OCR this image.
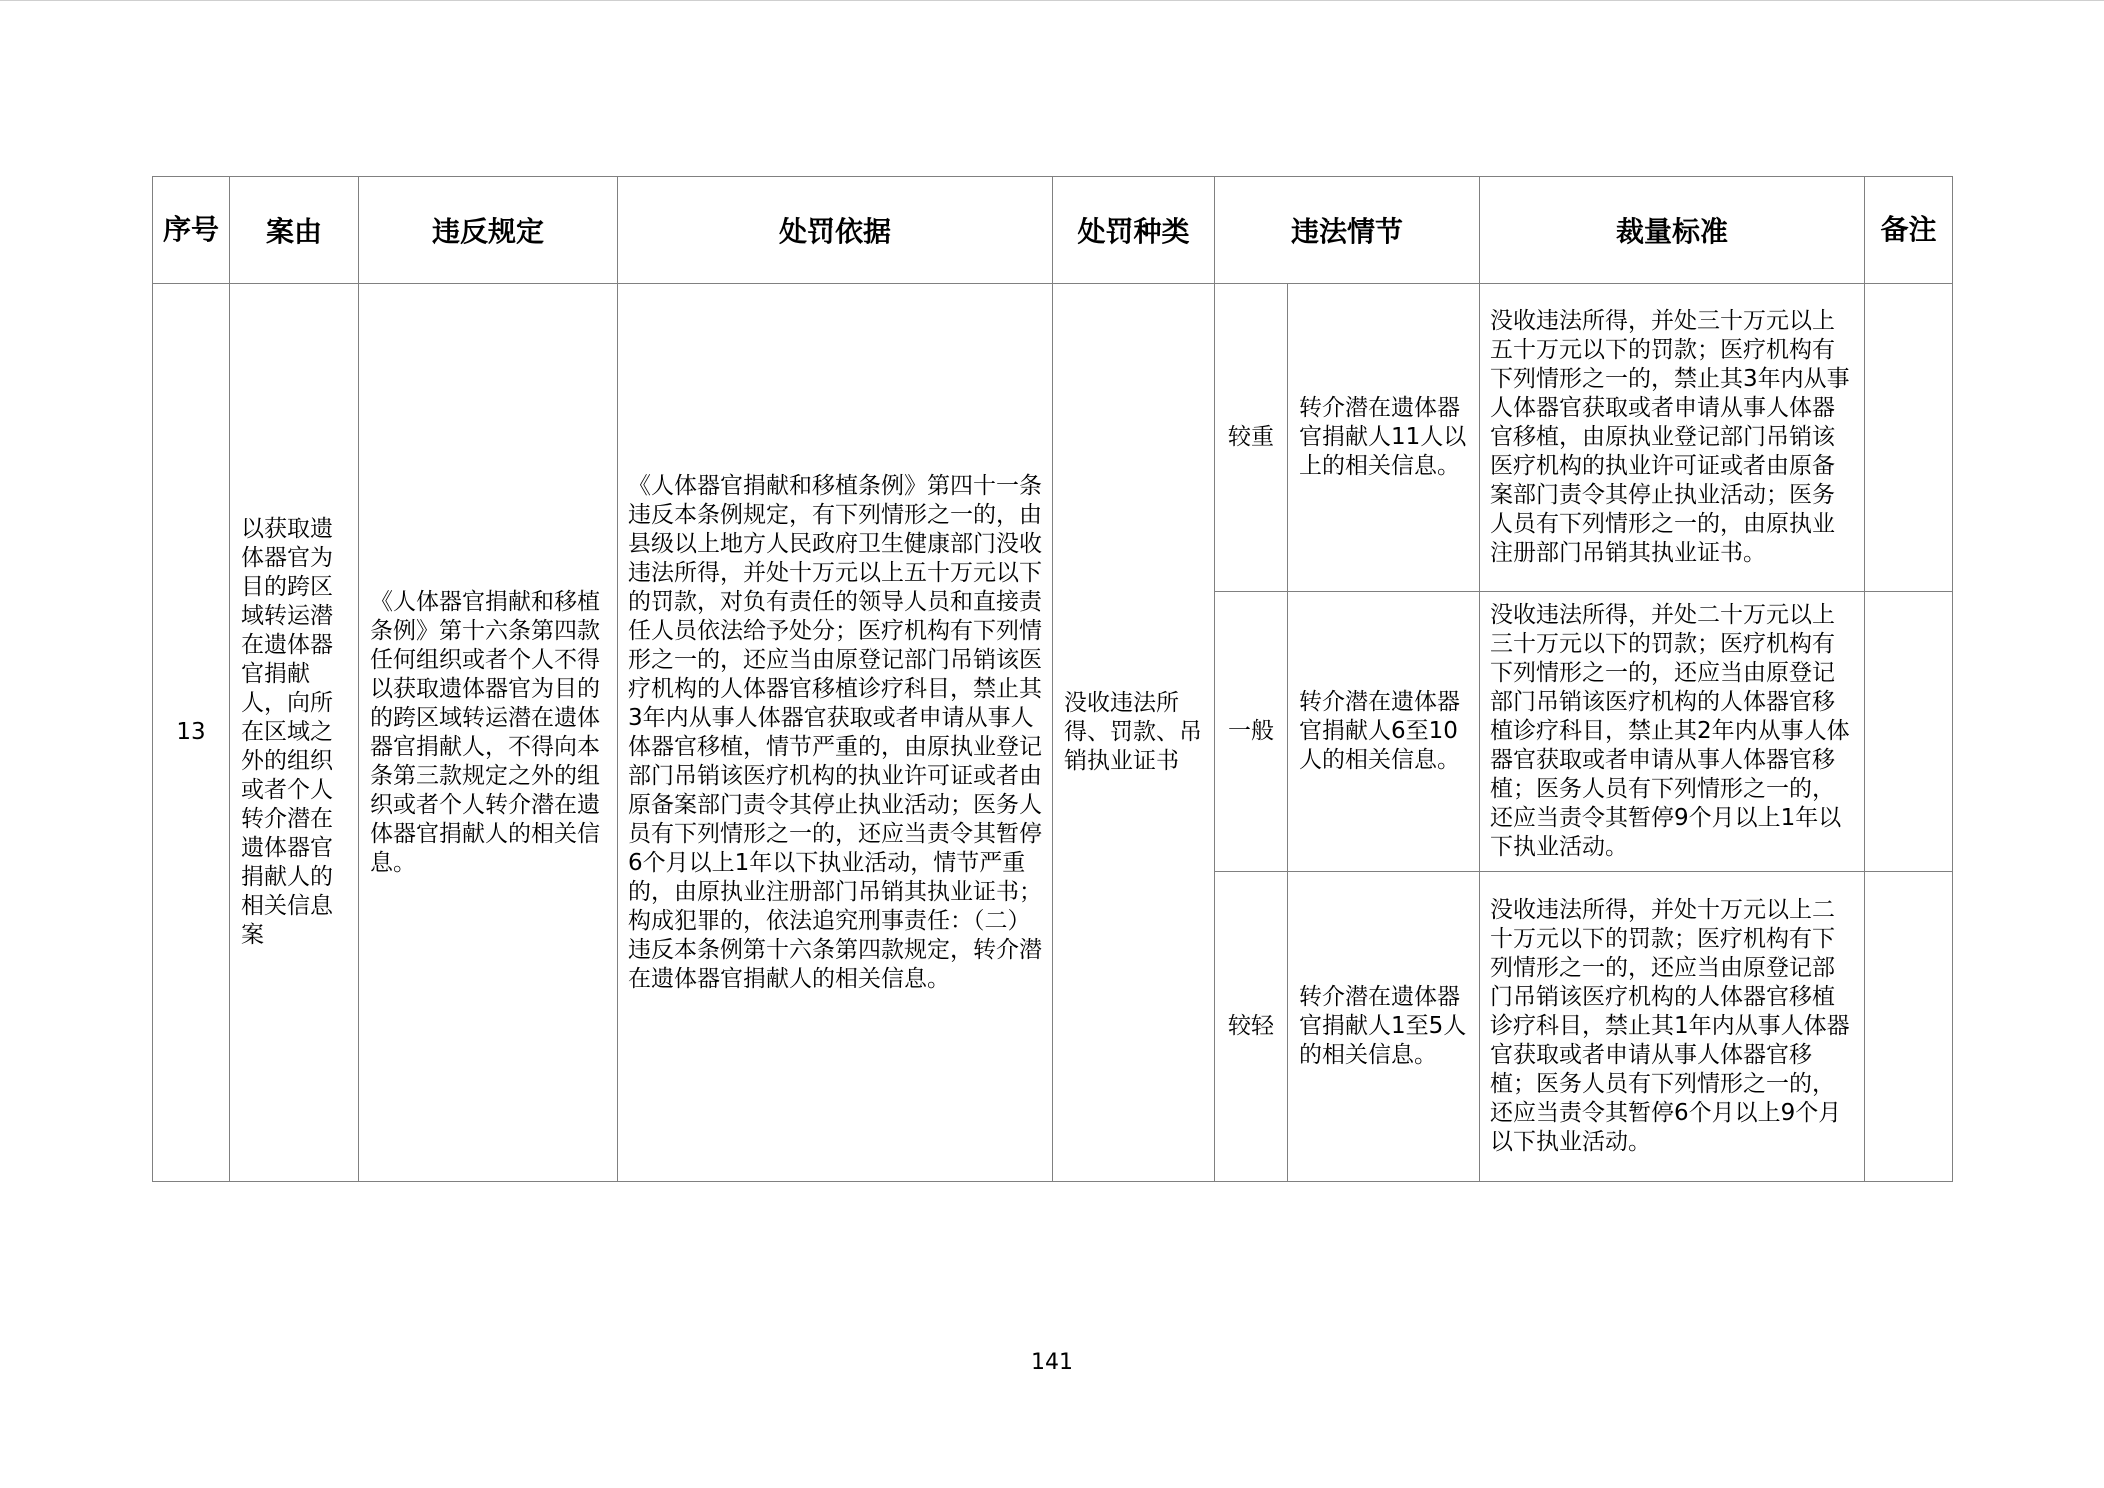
序号	案由	违反规定	处罚依据	处罚种类	违法情节		裁量标准	备注
13	以获取遗体器官为目的跨区域转运潜在遗体器官捐献人，向所在区域之外的组织或者个人转介潜在遗体器官捐献人的相关信息案	《人体器官捐献和移植条例》第十六条第四款任何组织或者个人不得以获取遗体器官为目的的跨区域转运潜在遗体器官捐献人，不得向本条第三款规定之外的组织或者个人转介潜在遗体器官捐献人的相关信息。	《人体器官捐献和移植条例》第四十一条违反本条例规定，有下列情形之一的，由县级以上地方人民政府卫生健康部门没收违法所得，并处十万元以上五十万元以下的罚款，对负有责任的领导人员和直接责任人员依法给予处分；医疗机构有下列情形之一的，还应当由原登记部门吊销该医疗机构的人体器官移植诊疗科目，禁止其3年内从事人体器官获取或者申请从事人体器官移植，情节严重的，由原执业登记部门吊销该医疗机构的执业许可证或者由原备案部门责令其停止执业活动；医务人员有下列情形之一的，还应当责令其暂停6个月以上1年以下执业活动，情节严重的，由原执业注册部门吊销其执业证书；构成犯罪的，依法追究刑事责任：（二）违反本条例第十六条第四款规定，转介潜在遗体器官捐献人的相关信息。	没收违法所得、罚款、吊销执业证书	较重	转介潜在遗体器官捐献人11人以上的相关信息。	没收违法所得，并处三十万元以上五十万元以下的罚款；医疗机构有下列情形之一的，禁止其3年内从事人体器官获取或者申请从事人体器官移植，由原执业登记部门吊销该医疗机构的执业许可证或者由原备案部门责令其停止执业活动；医务人员有下列情形之一的，由原执业注册部门吊销其执业证书。	

					一般	转介潜在遗体器官捐献人6至10人的相关信息。	没收违法所得，并处二十万元以上三十万元以下的罚款；医疗机构有下列情形之一的，还应当由原登记部门吊销该医疗机构的人体器官移植诊疗科目，禁止其2年内从事人体器官获取或者申请从事人体器官移植；医务人员有下列情形之一的，还应当责令其暂停9个月以上1年以下执业活动。	

					较轻	转介潜在遗体器官捐献人1至5人的相关信息。	没收违法所得，并处十万元以上二十万元以下的罚款；医疗机构有下列情形之一的，还应当由原登记部门吊销该医疗机构的人体器官移植诊疗科目，禁止其1年内从事人体器官获取或者申请从事人体器官移植；医务人员有下列情形之一的，还应当责令其暂停6个月以上9个月以下执业活动。	

141
